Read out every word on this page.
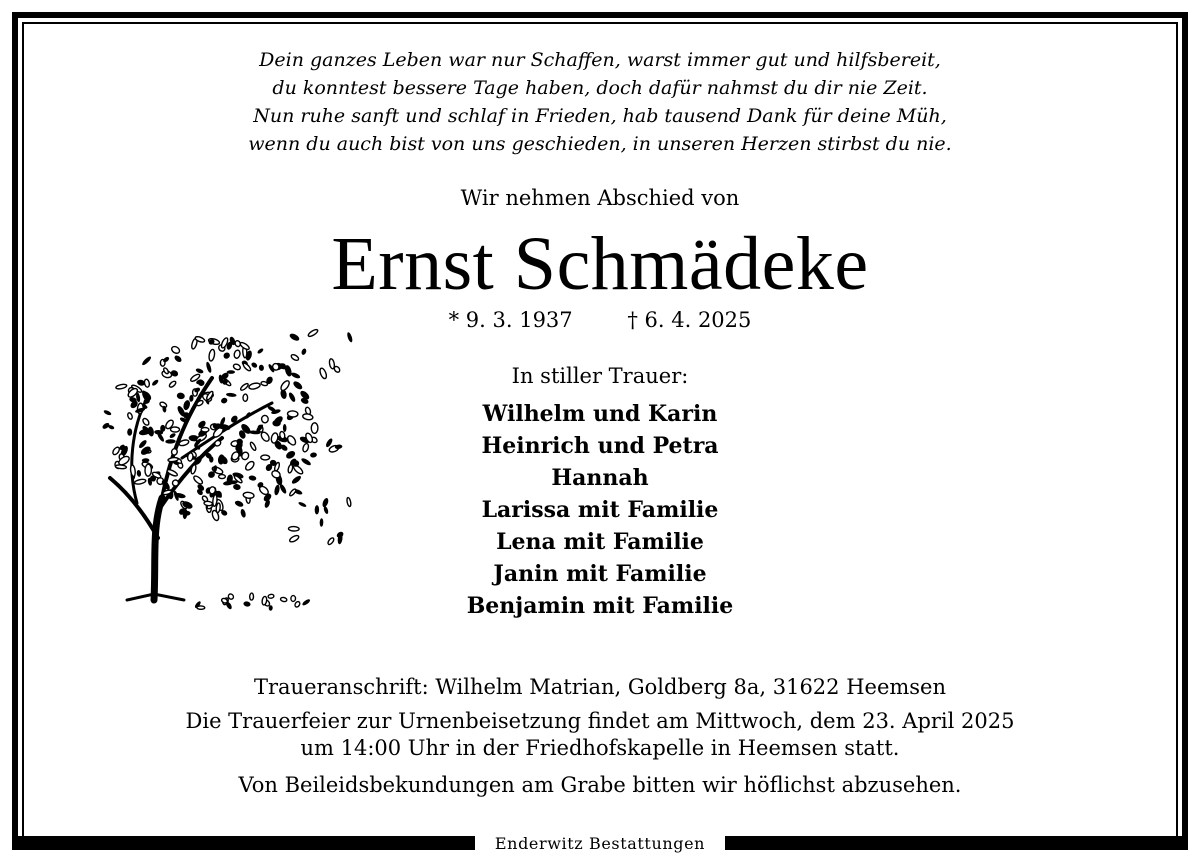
Dein ganzes Leben war nur Schaffen, warst immer gut und hilfsbereit,
du konntest bessere Tage haben, doch dafür nahmst du dir nie Zeit.
Nun ruhe sanft und schlaf in Frieden, hab tausend Dank für deine Müh,
wenn du auch bist von uns geschieden, in unseren Herzen stirbst du nie.
Wir nehmen Abschied von
Ernst Schmädeke
* 9. 3. 1937	† 6. 4. 2025
In stiller Trauer:
Wilhelm und Karin
Heinrich und Petra
Hannah
Larissa mit Familie
Lena mit Familie
Janin mit Familie
Benjamin mit Familie
Traueranschrift: Wilhelm Matrian, Goldberg 8a, 31622 Heemsen
Die Trauerfeier zur Urnenbeisetzung findet am Mittwoch, dem 23. April 2025
um 14:00 Uhr in der Friedhofskapelle in Heemsen statt.
Von Beileidsbekundungen am Grabe bitten wir höflichst abzusehen.
Enderwitz Bestattungen
